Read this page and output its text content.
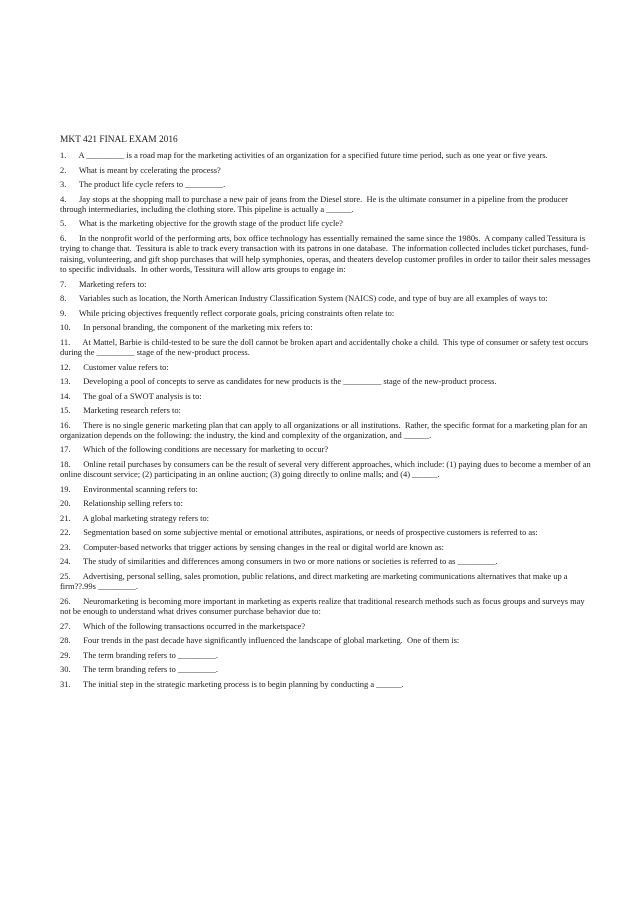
MKT 421 FINAL EXAM 2016
1.      A _________ is a road map for the marketing activities of an organization for a specified future time period, such as one year or five years.
2.      What is meant by ccelerating the process?
3.      The product life cycle refers to _________.
4.      Jay stops at the shopping mall to purchase a new pair of jeans from the Diesel store.  He is the ultimate consumer in a pipeline from the producer through intermediaries, including the clothing store. This pipeline is actually a ______.
5.      What is the marketing objective for the growth stage of the product life cycle?
6.      In the nonprofit world of the performing arts, box office technology has essentially remained the same since the 1980s.  A company called Tessitura is trying to change that.  Tessitura is able to track every transaction with its patrons in one database.  The information collected includes ticket purchases, fund-raising, volunteering, and gift shop purchases that will help symphonies, operas, and theaters develop customer profiles in order to tailor their sales messages to specific individuals.  In other words, Tessitura will allow arts groups to engage in:
7.      Marketing refers to:
8.      Variables such as location, the North American Industry Classification System (NAICS) code, and type of buy are all examples of ways to:
9.      While pricing objectives frequently reflect corporate goals, pricing constraints often relate to:
10.      In personal branding, the component of the marketing mix refers to:
11.      At Mattel, Barbie is child-tested to be sure the doll cannot be broken apart and accidentally choke a child.  This type of consumer or safety test occurs during the _________ stage of the new-product process.
12.      Customer value refers to:
13.      Developing a pool of concepts to serve as candidates for new products is the _________ stage of the new-product process.
14.      The goal of a SWOT analysis is to:
15.      Marketing research refers to:
16.      There is no single generic marketing plan that can apply to all organizations or all institutions.  Rather, the specific format for a marketing plan for an organization depends on the following: the industry, the kind and complexity of the organization, and ______.
17.      Which of the following conditions are necessary for marketing to occur?
18.      Online retail purchases by consumers can be the result of several very different approaches, which include: (1) paying dues to become a member of an online discount service; (2) participating in an online auction; (3) going directly to online malls; and (4) ______.
19.      Environmental scanning refers to:
20.      Relationship selling refers to:
21.      A global marketing strategy refers to:
22.      Segmentation based on some subjective mental or emotional attributes, aspirations, or needs of prospective customers is referred to as:
23.      Computer-based networks that trigger actions by sensing changes in the real or digital world are known as:
24.      The study of similarities and differences among consumers in two or more nations or societies is referred to as _________.
25.      Advertising, personal selling, sales promotion, public relations, and direct marketing are marketing communications alternatives that make up a firm??.99s _________.
26.      Neuromarketing is becoming more important in marketing as experts realize that traditional research methods such as focus groups and surveys may not be enough to understand what drives consumer purchase behavior due to:
27.      Which of the following transactions occurred in the marketspace?
28.      Four trends in the past decade have significantly influenced the landscape of global marketing.  One of them is:
29.      The term branding refers to _________.
30.      The term branding refers to _________.
31.      The initial step in the strategic marketing process is to begin planning by conducting a ______.
